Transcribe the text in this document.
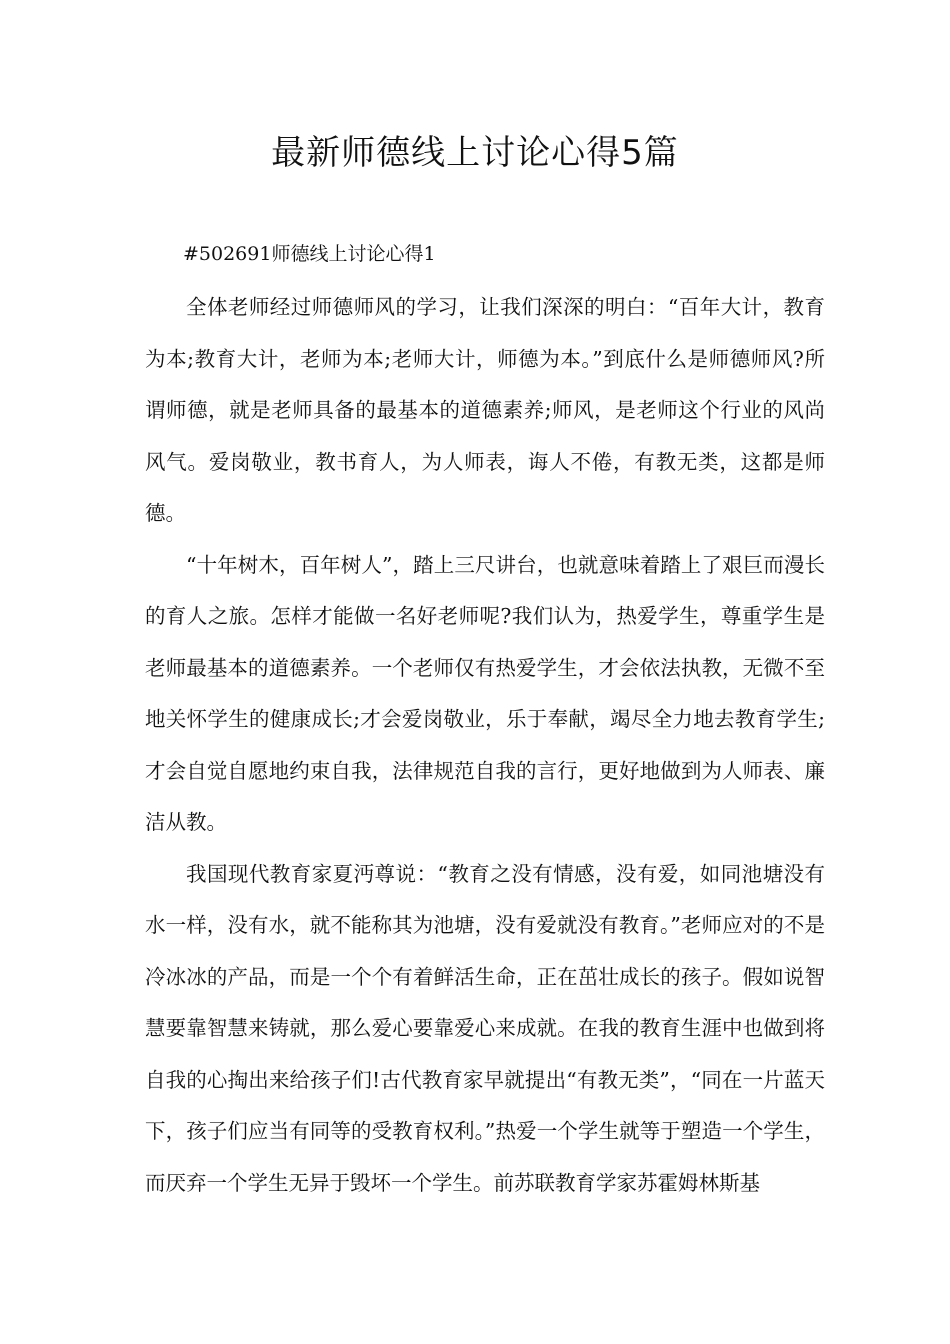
最新师德线上讨论心得5篇

#502691师德线上讨论心得1

全体老师经过师德师风的学习，让我们深深的明白：“百年大计，教育为本;教育大计，老师为本;老师大计，师德为本。”到底什么是师德师风?所谓师德，就是老师具备的最基本的道德素养;师风，是老师这个行业的风尚风气。爱岗敬业，教书育人，为人师表，诲人不倦，有教无类，这都是师德。

“十年树木，百年树人”，踏上三尺讲台，也就意味着踏上了艰巨而漫长的育人之旅。怎样才能做一名好老师呢?我们认为，热爱学生，尊重学生是老师最基本的道德素养。一个老师仅有热爱学生，才会依法执教，无微不至地关怀学生的健康成长;才会爱岗敬业，乐于奉献，竭尽全力地去教育学生;才会自觉自愿地约束自我，法律规范自我的言行，更好地做到为人师表、廉洁从教。

我国现代教育家夏沔尊说：“教育之没有情感，没有爱，如同池塘没有水一样，没有水，就不能称其为池塘，没有爱就没有教育。”老师应对的不是冷冰冰的产品，而是一个个有着鲜活生命，正在茁壮成长的孩子。假如说智慧要靠智慧来铸就，那么爱心要靠爱心来成就。在我的教育生涯中也做到将自我的心掏出来给孩子们!古代教育家早就提出“有教无类”，“同在一片蓝天下，孩子们应当有同等的受教育权利。”热爱一个学生就等于塑造一个学生，而厌弃一个学生无异于毁坏一个学生。前苏联教育学家苏霍姆林斯基
